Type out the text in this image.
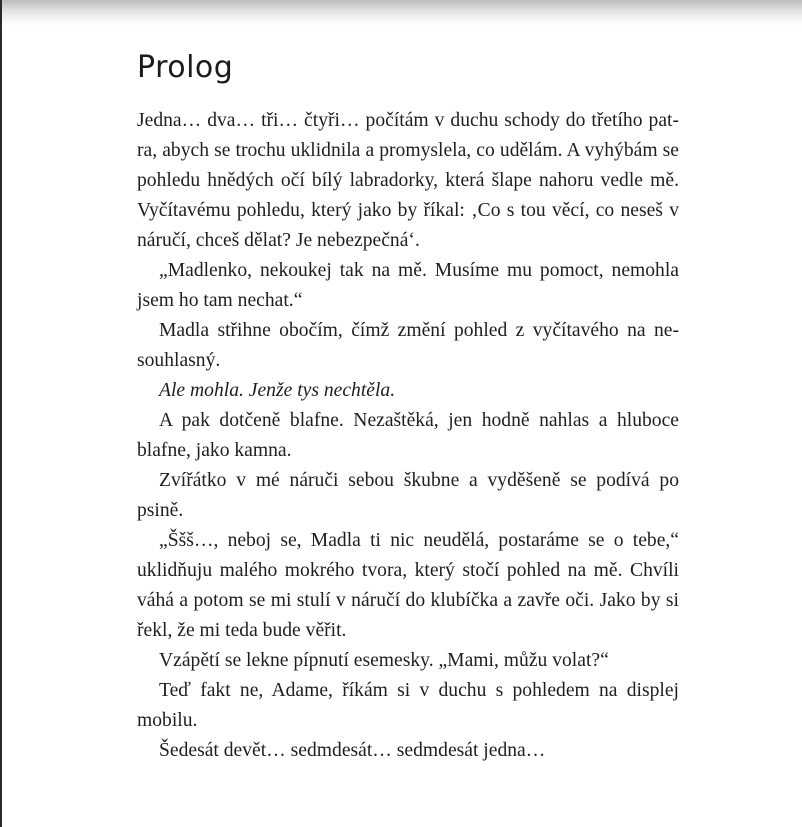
Prolog

Jedna… dva… tři… čtyři… počítám v duchu schody do třetího patra, abych se trochu uklidnila a promyslela, co udělám. A vyhýbám se pohledu hnědých očí bílý labradorky, která šlape nahoru vedle mě. Vyčítavému pohledu, který jako by říkal: ‚Co s tou věcí, co neseš v náručí, chceš dělat? Je nebezpečná‘.

„Madlenko, nekoukej tak na mě. Musíme mu pomoct, nemohla jsem ho tam nechat.“

Madla střihne obočím, čímž změní pohled z vyčítavého na nesouhlasný.

Ale mohla. Jenže tys nechtěla.

A pak dotčeně blafne. Nezaštěká, jen hodně nahlas a hluboce blafne, jako kamna.

Zvířátko v mé náruči sebou škubne a vyděšeně se podívá po psině.

„Ššš…, neboj se, Madla ti nic neudělá, postaráme se o tebe,“ uklidňuju malého mokrého tvora, který stočí pohled na mě. Chvíli váhá a potom se mi stulí v náručí do klubíčka a zavře oči. Jako by si řekl, že mi teda bude věřit.

Vzápětí se lekne pípnutí esemesky. „Mami, můžu volat?“

Teď fakt ne, Adame, říkám si v duchu s pohledem na displej mobilu.

Šedesát devět… sedmdesát… sedmdesát jedna…
